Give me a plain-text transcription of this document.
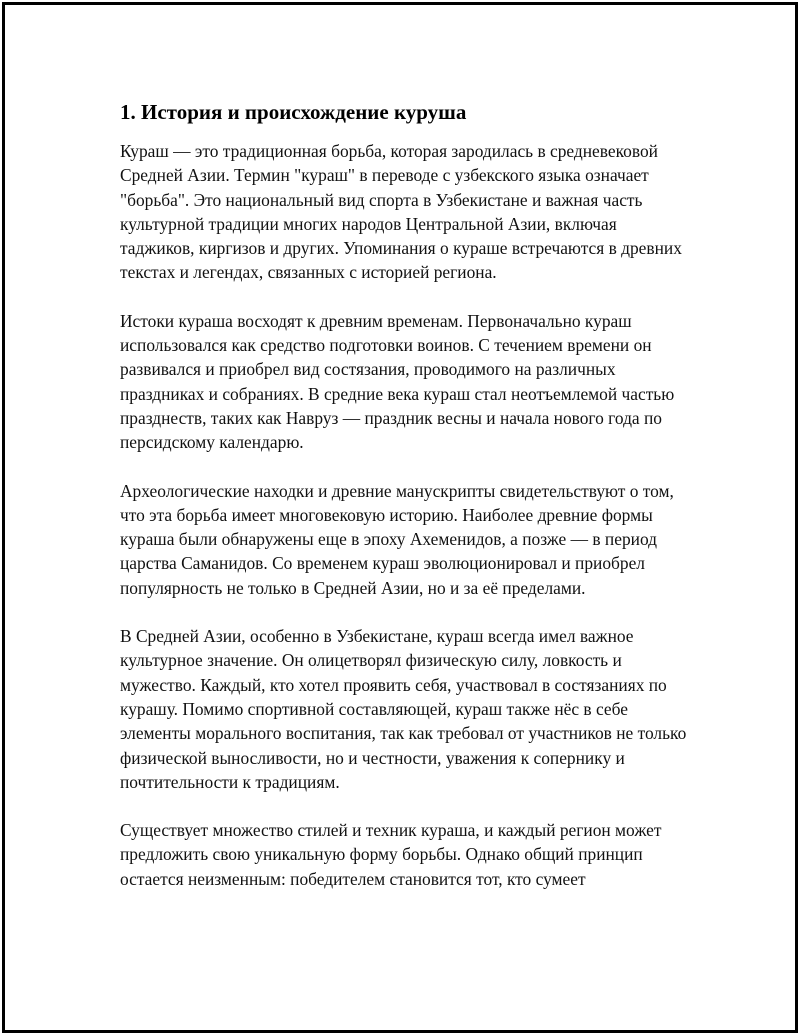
1. История и происхождение куруша

Кураш — это традиционная борьба, которая зародилась в средневековой Средней Азии. Термин "кураш" в переводе с узбекского языка означает "борьба". Это национальный вид спорта в Узбекистане и важная часть культурной традиции многих народов Центральной Азии, включая таджиков, киргизов и других. Упоминания о кураше встречаются в древних текстах и легендах, связанных с историей региона.

Истоки кураша восходят к древним временам. Первоначально кураш использовался как средство подготовки воинов. С течением времени он развивался и приобрел вид состязания, проводимого на различных праздниках и собраниях. В средние века кураш стал неотъемлемой частью празднеств, таких как Навруз — праздник весны и начала нового года по персидскому календарю.

Археологические находки и древние манускрипты свидетельствуют о том, что эта борьба имеет многовековую историю. Наиболее древние формы кураша были обнаружены еще в эпоху Ахеменидов, а позже — в период царства Саманидов. Со временем кураш эволюционировал и приобрел популярность не только в Средней Азии, но и за её пределами.

В Средней Азии, особенно в Узбекистане, кураш всегда имел важное культурное значение. Он олицетворял физическую силу, ловкость и мужество. Каждый, кто хотел проявить себя, участвовал в состязаниях по курашу. Помимо спортивной составляющей, кураш также нёс в себе элементы морального воспитания, так как требовал от участников не только физической выносливости, но и честности, уважения к сопернику и почтительности к традициям.

Существует множество стилей и техник кураша, и каждый регион может предложить свою уникальную форму борьбы. Однако общий принцип остается неизменным: победителем становится тот, кто сумеет
